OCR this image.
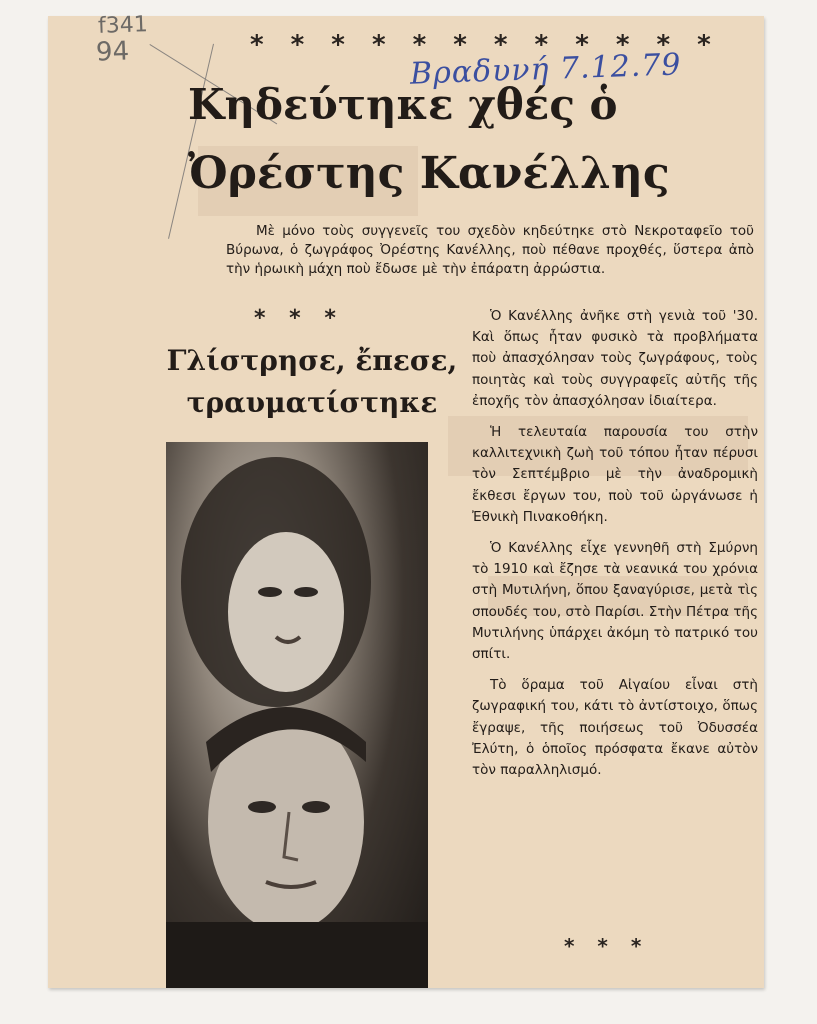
f341
94	* * * * * * * * * * * *
Βραδυνή 7.12.79
Κηδεύτηκε χθές ὁ
Ὀρέστης Κανέλλης
Μὲ μόνο τοὺς συγγενεῖς του σχεδὸν κηδεύτηκε στὸ Νεκροταφεῖο τοῦ Βύρωνα, ὁ ζωγράφος Ὀρέστης Κανέλλης, ποὺ πέθανε προχθές, ὕστερα ἀπὸ τὴν ἡρωικὴ μάχη ποὺ ἔδωσε μὲ τὴν ἐπάρατη ἀρρώστια.
* * *
Γλίστρησε, ἔπεσε,
τραυματίστηκε

Ὁ Κανέλλης ἀνῆκε στὴ γενιὰ τοῦ '30. Καὶ ὅπως ἦταν φυσικὸ τὰ προβλήματα ποὺ ἀπασχόλησαν τοὺς ζωγράφους, τοὺς ποιητὰς καὶ τοὺς συγγραφεῖς αὐτῆς τῆς ἐποχῆς τὸν ἀπασχόλησαν ἰδιαίτερα.

Ἡ τελευταία παρουσία του στὴν καλλιτεχνικὴ ζωὴ τοῦ τόπου ἦταν πέρυσι τὸν Σεπτέμβριο μὲ τὴν ἀναδρομικὴ ἔκθεσι ἔργων του, ποὺ τοῦ ὠργάνωσε ἡ Ἐθνικὴ Πινακοθήκη.

Ὁ Κανέλλης εἶχε γεννηθῆ στὴ Σμύρνη τὸ 1910 καὶ ἔζησε τὰ νεανικά του χρόνια στὴ Μυτιλήνη, ὅπου ξαναγύρισε, μετὰ τὶς σπουδές του, στὸ Παρίσι. Στὴν Πέτρα τῆς Μυτιλήνης ὑπάρχει ἀκόμη τὸ πατρικό του σπίτι.

Τὸ ὅραμα τοῦ Αἰγαίου εἶναι στὴ ζωγραφική του, κάτι τὸ ἀντίστοιχο, ὅπως ἔγραψε, τῆς ποιήσεως τοῦ Ὀδυσσέα Ἐλύτη, ὁ ὁποῖος πρόσφατα ἔκανε αὐτὸν τὸν παραλληλισμό.

* * *
